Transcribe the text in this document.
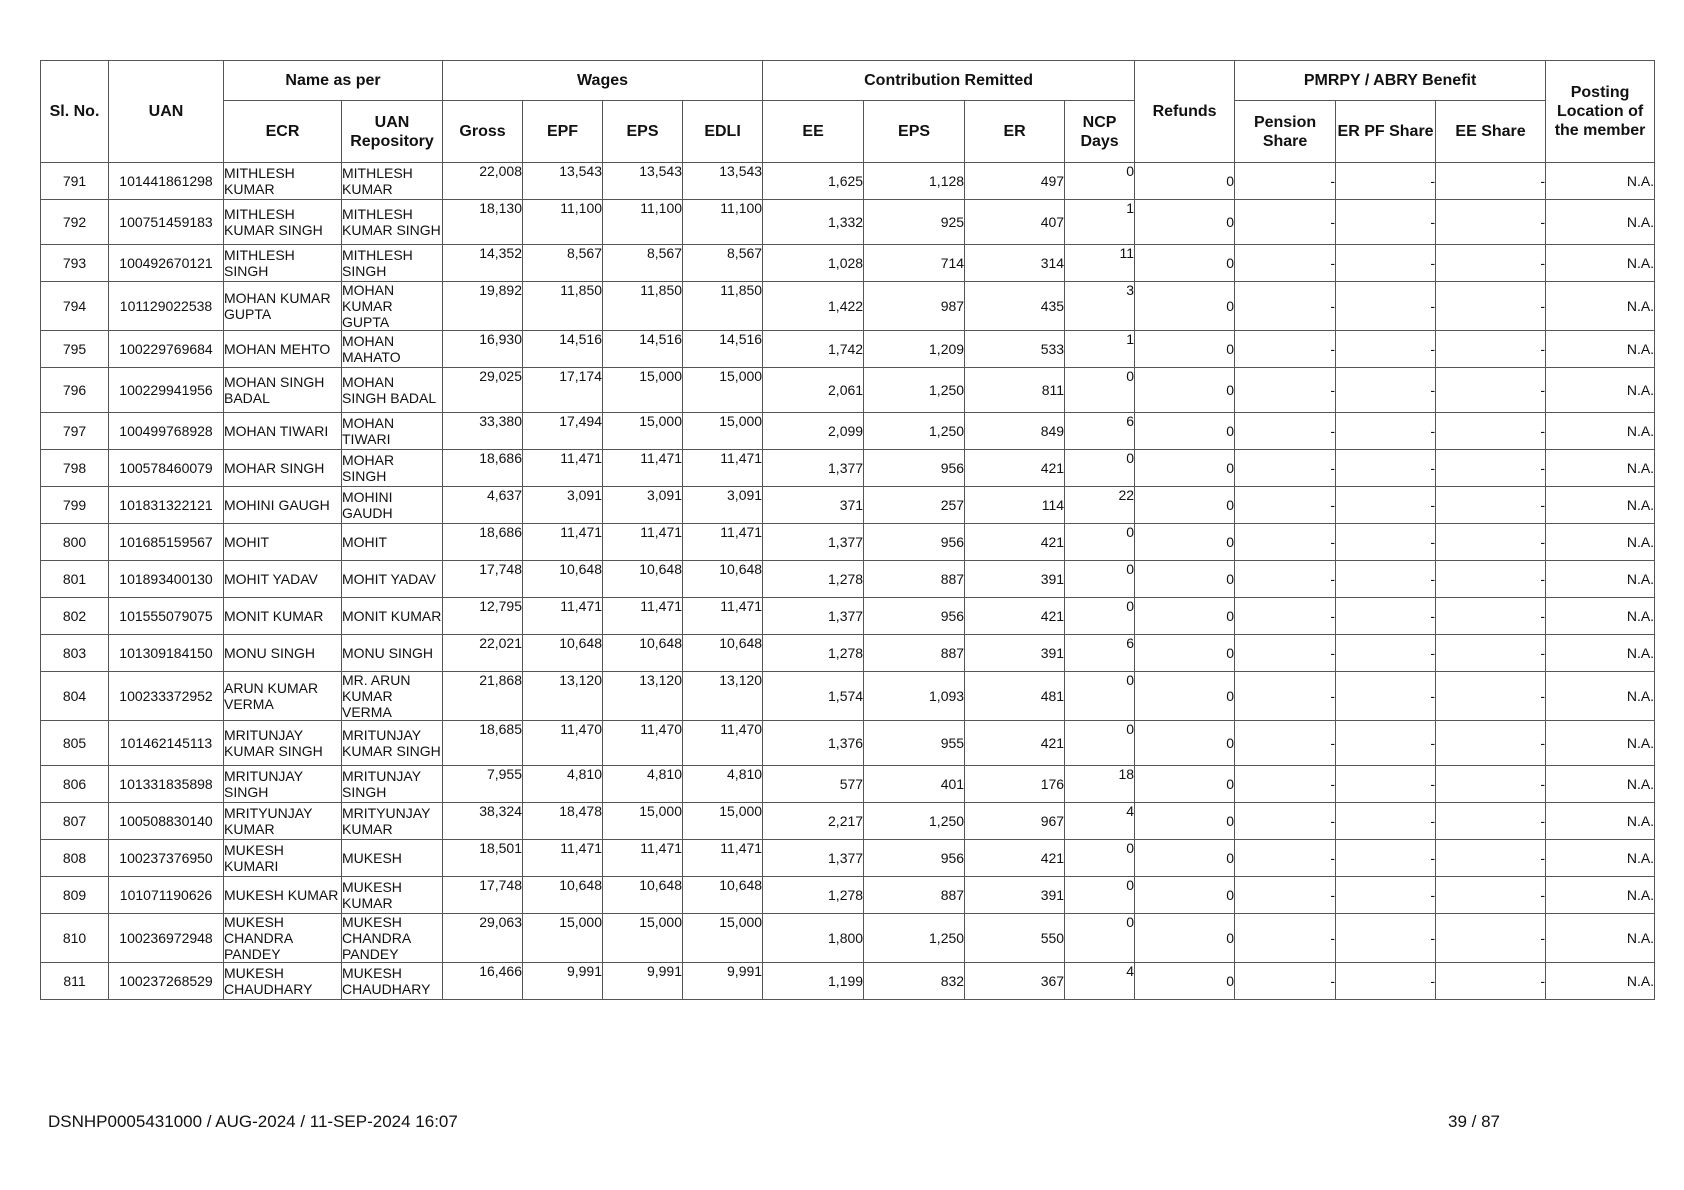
Sl. No.	UAN	Name as per		Wages				Contribution Remitted				Refunds	PMRPY / ABRY Benefit			Posting Location of the member
		ECR	UAN Repository	Gross	EPF	EPS	EDLI	EE	EPS	ER	NCP Days		Pension Share	ER PF Share	EE Share	
791	101441861298	MITHLESH KUMAR	MITHLESH KUMAR	22,008	13,543	13,543	13,543	1,625	1,128	497	0	0	-	-	-	N.A.
792	100751459183	MITHLESH KUMAR SINGH	MITHLESH KUMAR SINGH	18,130	11,100	11,100	11,100	1,332	925	407	1	0	-	-	-	N.A.
793	100492670121	MITHLESH SINGH	MITHLESH SINGH	14,352	8,567	8,567	8,567	1,028	714	314	11	0	-	-	-	N.A.
794	101129022538	MOHAN KUMAR GUPTA	MOHAN KUMAR GUPTA	19,892	11,850	11,850	11,850	1,422	987	435	3	0	-	-	-	N.A.
795	100229769684	MOHAN MEHTO	MOHAN MAHATO	16,930	14,516	14,516	14,516	1,742	1,209	533	1	0	-	-	-	N.A.
796	100229941956	MOHAN SINGH BADAL	MOHAN SINGH BADAL	29,025	17,174	15,000	15,000	2,061	1,250	811	0	0	-	-	-	N.A.
797	100499768928	MOHAN TIWARI	MOHAN TIWARI	33,380	17,494	15,000	15,000	2,099	1,250	849	6	0	-	-	-	N.A.
798	100578460079	MOHAR SINGH	MOHAR SINGH	18,686	11,471	11,471	11,471	1,377	956	421	0	0	-	-	-	N.A.
799	101831322121	MOHINI GAUGH	MOHINI GAUDH	4,637	3,091	3,091	3,091	371	257	114	22	0	-	-	-	N.A.
800	101685159567	MOHIT	MOHIT	18,686	11,471	11,471	11,471	1,377	956	421	0	0	-	-	-	N.A.
801	101893400130	MOHIT YADAV	MOHIT YADAV	17,748	10,648	10,648	10,648	1,278	887	391	0	0	-	-	-	N.A.
802	101555079075	MONIT KUMAR	MONIT KUMAR	12,795	11,471	11,471	11,471	1,377	956	421	0	0	-	-	-	N.A.
803	101309184150	MONU SINGH	MONU SINGH	22,021	10,648	10,648	10,648	1,278	887	391	6	0	-	-	-	N.A.
804	100233372952	ARUN KUMAR VERMA	MR. ARUN KUMAR VERMA	21,868	13,120	13,120	13,120	1,574	1,093	481	0	0	-	-	-	N.A.
805	101462145113	MRITUNJAY KUMAR SINGH	MRITUNJAY KUMAR SINGH	18,685	11,470	11,470	11,470	1,376	955	421	0	0	-	-	-	N.A.
806	101331835898	MRITUNJAY SINGH	MRITUNJAY SINGH	7,955	4,810	4,810	4,810	577	401	176	18	0	-	-	-	N.A.
807	100508830140	MRITYUNJAY KUMAR	MRITYUNJAY KUMAR	38,324	18,478	15,000	15,000	2,217	1,250	967	4	0	-	-	-	N.A.
808	100237376950	MUKESH KUMARI	MUKESH	18,501	11,471	11,471	11,471	1,377	956	421	0	0	-	-	-	N.A.
809	101071190626	MUKESH KUMAR	MUKESH KUMAR	17,748	10,648	10,648	10,648	1,278	887	391	0	0	-	-	-	N.A.
810	100236972948	MUKESH CHANDRA PANDEY	MUKESH CHANDRA PANDEY	29,063	15,000	15,000	15,000	1,800	1,250	550	0	0	-	-	-	N.A.
811	100237268529	MUKESH CHAUDHARY	MUKESH CHAUDHARY	16,466	9,991	9,991	9,991	1,199	832	367	4	0	-	-	-	N.A.
DSNHP0005431000 / AUG-2024 / 11-SEP-2024 16:07	39 / 87
